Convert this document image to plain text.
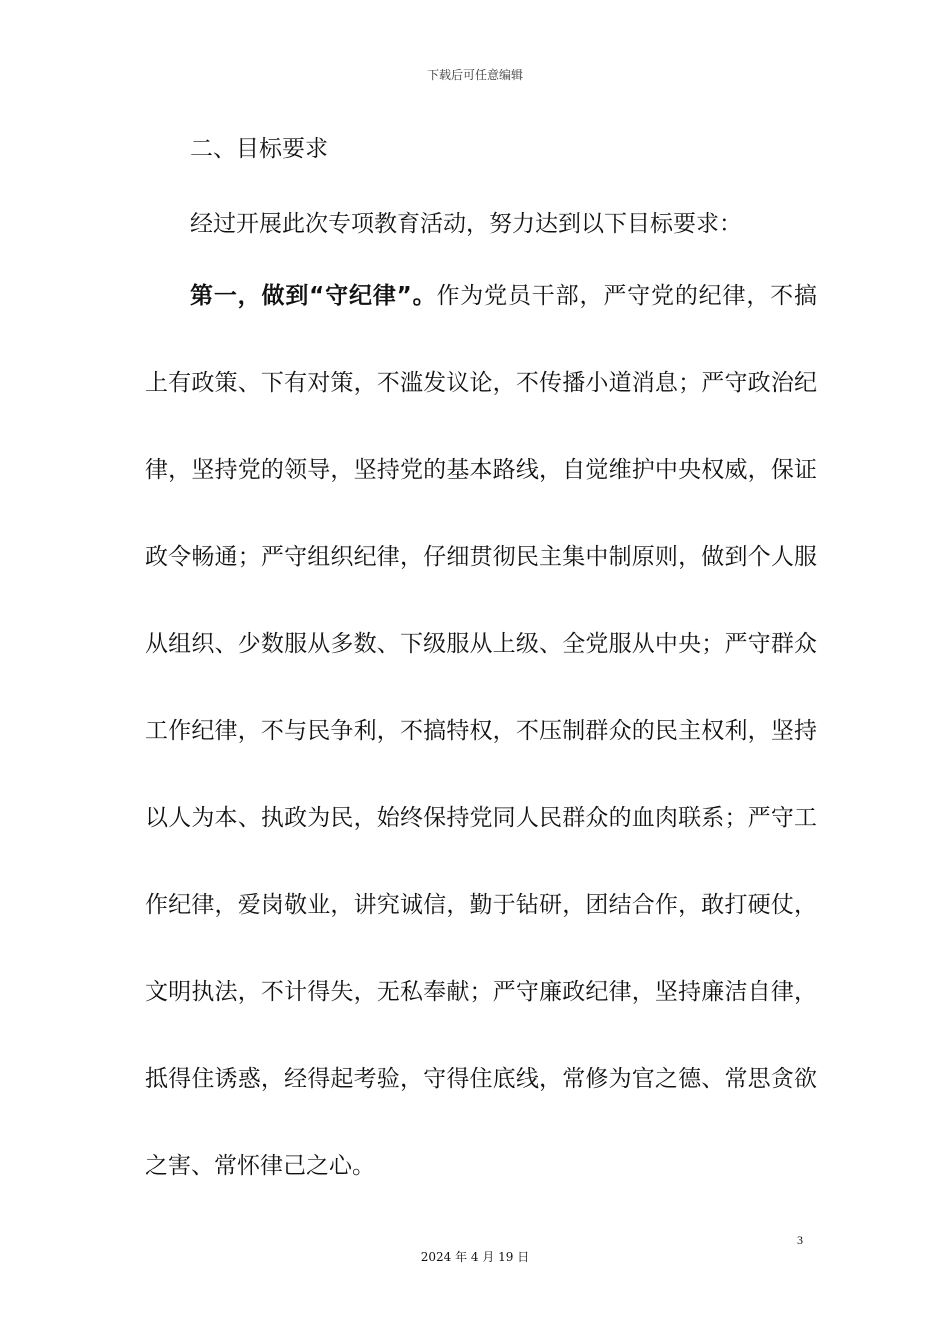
下载后可任意编辑
二、目标要求
经过开展此次专项教育活动，努力达到以下目标要求：

第一，做到“守纪律”。作为党员干部，严守党的纪律，不搞上有政策、下有对策，不滥发议论，不传播小道消息；严守政治纪律，坚持党的领导，坚持党的基本路线，自觉维护中央权威，保证政令畅通；严守组织纪律，仔细贯彻民主集中制原则，做到个人服从组织、少数服从多数、下级服从上级、全党服从中央；严守群众工作纪律，不与民争利，不搞特权，不压制群众的民主权利，坚持以人为本、执政为民，始终保持党同人民群众的血肉联系；严守工作纪律，爱岗敬业，讲究诚信，勤于钻研，团结合作，敢打硬仗，文明执法，不计得失，无私奉献；严守廉政纪律，坚持廉洁自律，抵得住诱惑，经得起考验，守得住底线，常修为官之德、常思贪欲之害、常怀律己之心。

3
2024 年 4 月 19 日
